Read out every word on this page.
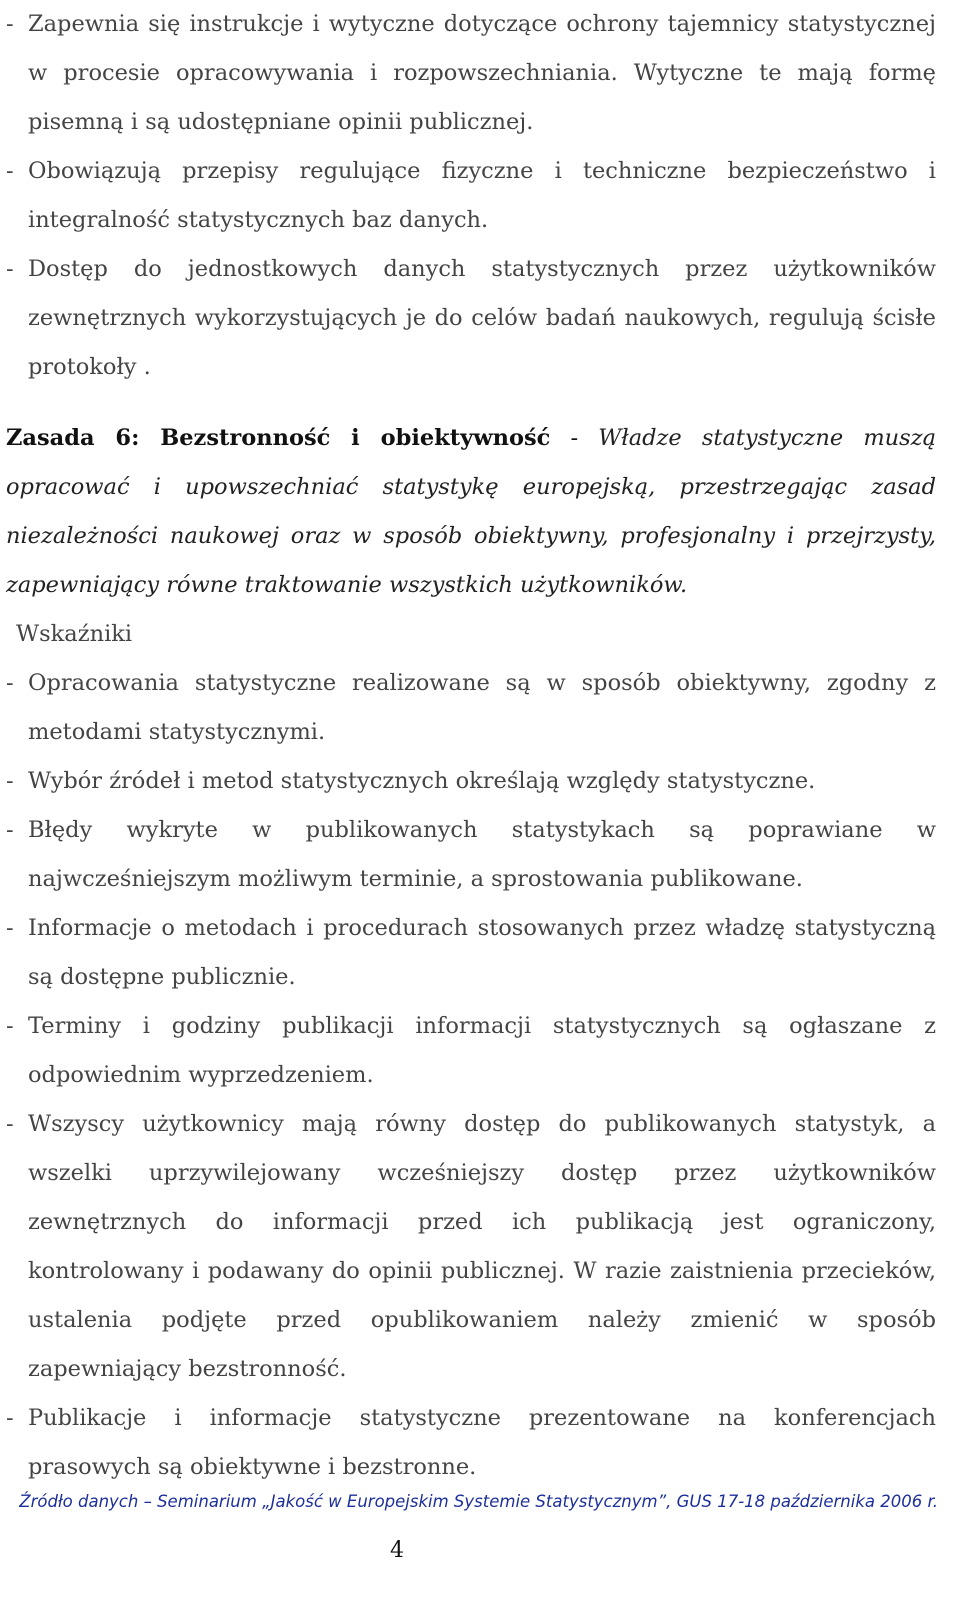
- Zapewnia się instrukcje i wytyczne dotyczące ochrony tajemnicy statystycznej w procesie opracowywania i rozpowszechniania. Wytyczne te mają formę pisemną i są udostępniane opinii publicznej.
- Obowiązują przepisy regulujące fizyczne i techniczne bezpieczeństwo i integralność statystycznych baz danych.
- Dostęp do jednostkowych danych statystycznych przez użytkowników zewnętrznych wykorzystujących je do celów badań naukowych, regulują ścisłe protokoły .
Zasada 6: Bezstronność i obiektywność - Władze statystyczne muszą opracować i upowszechniać statystykę europejską, przestrzegając zasad niezależności naukowej oraz w sposób obiektywny, profesjonalny i przejrzysty, zapewniający równe traktowanie wszystkich użytkowników.
Wskaźniki
- Opracowania statystyczne realizowane są w sposób obiektywny, zgodny z metodami statystycznymi.
- Wybór źródeł i metod statystycznych określają względy statystyczne.
- Błędy wykryte w publikowanych statystykach są poprawiane w najwcześniejszym możliwym terminie, a sprostowania publikowane.
- Informacje o metodach i procedurach stosowanych przez władzę statystyczną są dostępne publicznie.
- Terminy i godziny publikacji informacji statystycznych są ogłaszane z odpowiednim wyprzedzeniem.
- Wszyscy użytkownicy mają równy dostęp do publikowanych statystyk, a wszelki uprzywilejowany wcześniejszy dostęp przez użytkowników zewnętrznych do informacji przed ich publikacją jest ograniczony, kontrolowany i podawany do opinii publicznej. W razie zaistnienia przecieków, ustalenia podjęte przed opublikowaniem należy zmienić w sposób zapewniający bezstronność.
- Publikacje i informacje statystyczne prezentowane na konferencjach prasowych są obiektywne i bezstronne.
Źródło danych – Seminarium „Jakość w Europejskim Systemie Statystycznym”, GUS 17-18 października 2006 r.
4
